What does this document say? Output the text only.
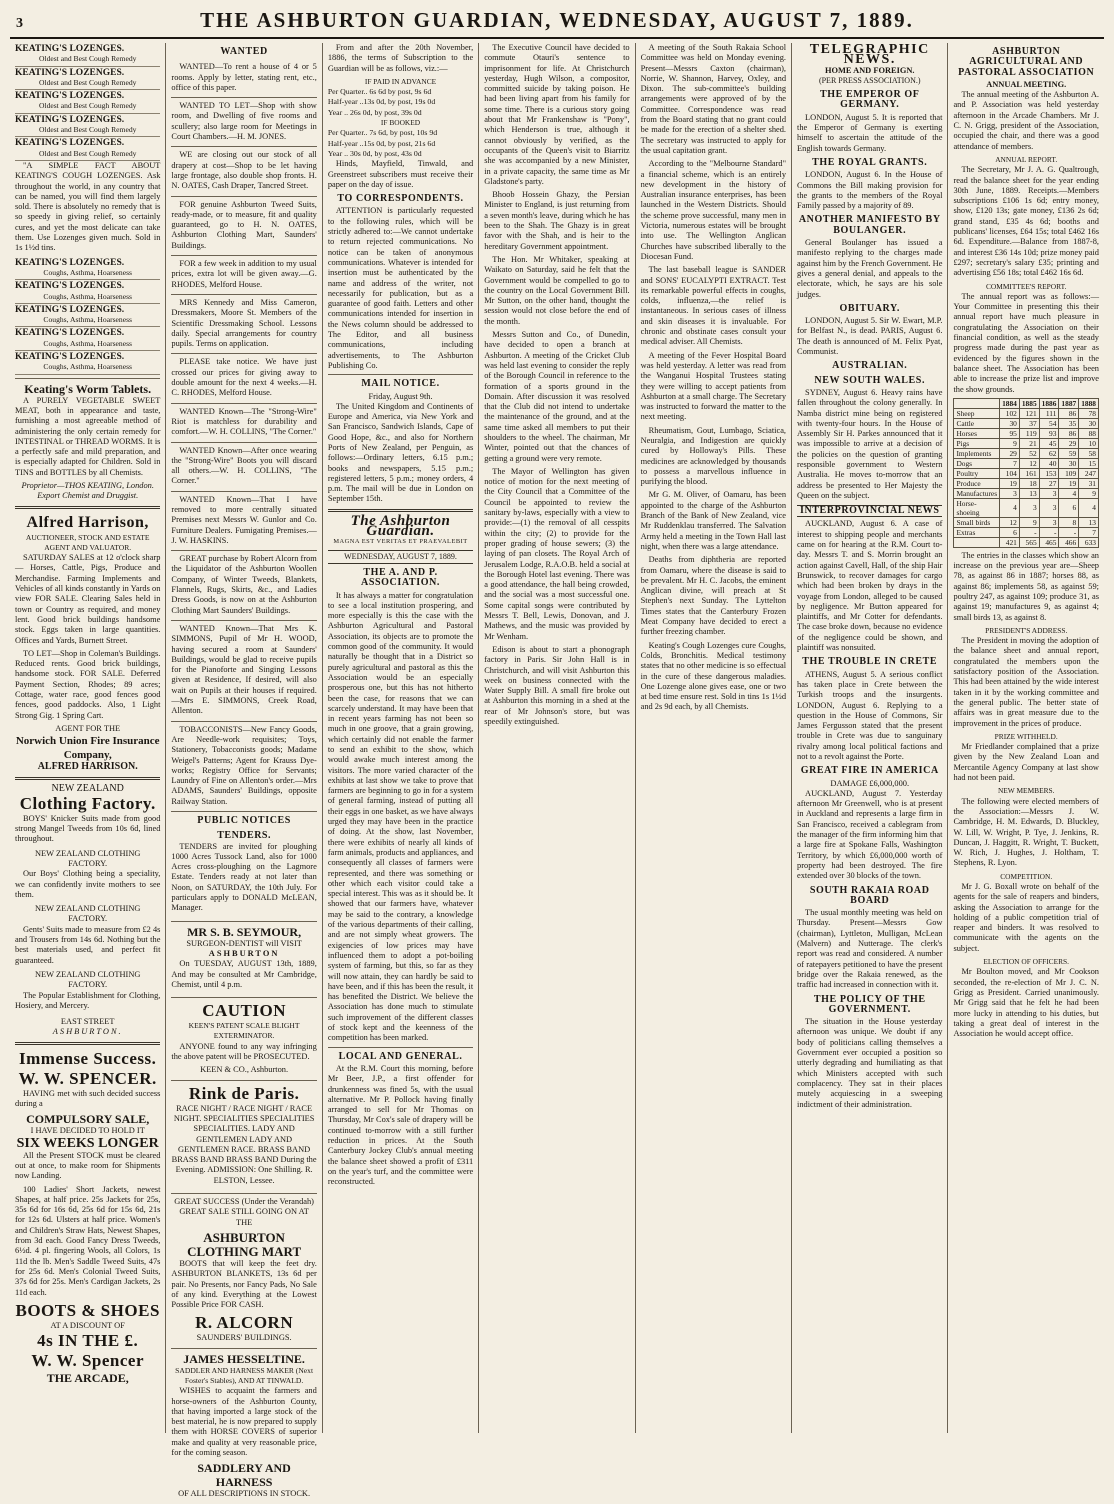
3	THE ASHBURTON GUARDIAN, WEDNESDAY, AUGUST 7, 1889.
KEATING'S LOZENGES.
Oldest and Best Cough Remedy
KEATING'S LOZENGES.
Oldest and Best Cough Remedy
KEATING'S LOZENGES.
Oldest and Best Cough Remedy
KEATING'S LOZENGES.
Oldest and Best Cough Remedy
KEATING'S LOZENGES.
Oldest and Best Cough Remedy

"A SIMPLE FACT ABOUT KEATING'S COUGH LOZENGES. Ask throughout the world, in any country that can be named, you will find them largely sold. There is absolutely no remedy that is so speedy in giving relief, so certainly cures, and yet the most delicate can take them. Use Lozenges given much. Sold in 1s 1½d tins.

KEATING'S LOZENGES.
Coughs, Asthma, Hoarseness
KEATING'S LOZENGES.
Coughs, Asthma, Hoarseness
KEATING'S LOZENGES.
Coughs, Asthma, Hoarseness
KEATING'S LOZENGES.
Coughs, Asthma, Hoarseness
KEATING'S LOZENGES.
Coughs, Asthma, Hoarseness
Keating's Worm Tablets.

A PURELY VEGETABLE SWEET MEAT, both in appearance and taste, furnishing a most agreeable method of administering the only certain remedy for INTESTINAL or THREAD WORMS. It is a perfectly safe and mild preparation, and is especially adapted for Children. Sold in TINS and BOTTLES by all Chemists.

Proprietor—THOS KEATING, London. Export Chemist and Druggist.
Alfred Harrison,
AUCTIONEER, STOCK AND ESTATE AGENT AND VALUATOR.

SATURDAY SALES at 12 o'clock sharp — Horses, Cattle, Pigs, Produce and Merchandise. Farming Implements and Vehicles of all kinds constantly in Yards on view FOR SALE. Clearing Sales held in town or Country as required, and money lent. Good brick buildings handsome stock. Eggs taken in large quantities. Offices and Yards, Burnett Street.

TO LET—Shop in Coleman's Buildings. Reduced rents. Good brick buildings, handsome stock. FOR SALE. Deferred Payment Section, Rhodes; 89 acres; Cottage, water race, good fences good fences, good paddocks. Also, 1 Light Strong Gig. 1 Spring Cart.

AGENT FOR THE
Norwich Union Fire Insurance Company,
ALFRED HARRISON.
NEW ZEALAND
Clothing Factory.

BOYS' Knicker Suits made from good strong Mangel Tweeds from 10s 6d, lined throughout.

NEW ZEALAND CLOTHING FACTORY.

Our Boys' Clothing being a speciality, we can confidently invite mothers to see them.

NEW ZEALAND CLOTHING FACTORY.

Gents' Suits made to measure from £2 4s and Trousers from 14s 6d. Nothing but the best materials used, and perfect fit guaranteed.

NEW ZEALAND CLOTHING FACTORY.

The Popular Establishment for Clothing, Hosiery, and Mercery.

EAST STREET
ASHBURTON.
Immense Success.
W. W. SPENCER.

HAVING met with such decided success during a

COMPULSORY SALE,
I HAVE DECIDED TO HOLD IT
SIX WEEKS LONGER

All the Present STOCK must be cleared out at once, to make room for Shipments now Landing.

100 Ladies' Short Jackets, newest Shapes, at half price. 25s Jackets for 25s, 35s 6d for 16s 6d, 25s 6d for 15s 6d, 21s for 12s 6d. Ulsters at half price. Women's and Children's Straw Hats, Newest Shapes, from 3d each. Good Fancy Dress Tweeds, 6½d. 4 pl. fingering Wools, all Colors, 1s 11d the lb. Men's Saddle Tweed Suits, 47s for 25s 6d. Men's Colonial Tweed Suits, 37s 6d for 25s. Men's Cardigan Jackets, 2s 11d each.

BOOTS & SHOES
AT A DISCOUNT OF
4s IN THE £.
W. W. Spencer
THE ARCADE,
WANTED

WANTED—To rent a house of 4 or 5 rooms. Apply by letter, stating rent, etc., office of this paper.

WANTED TO LET—Shop with show room, and Dwelling of five rooms and scullery; also large room for Meetings in Court Chambers.—H. M. JONES.

WE are closing out our stock of all drapery at cost—Shop to be let having large frontage, also double shop fronts. H. N. OATES, Cash Draper, Tancred Street.

FOR genuine Ashburton Tweed Suits, ready-made, or to measure, fit and quality guaranteed, go to H. N. OATES, Ashburton Clothing Mart, Saunders' Buildings.

FOR a few week in addition to my usual prices, extra lot will be given away.—G. RHODES, Melford House.

MRS Kennedy and Miss Cameron, Dressmakers, Moore St. Members of the Scientific Dressmaking School. Lessons daily. Special arrangements for country pupils. Terms on application.

PLEASE take notice. We have just crossed our prices for giving away to double amount for the next 4 weeks.—H. C. RHODES, Melford House.

WANTED Known—The "Strong-Wire" Riot is matchless for durability and comfort.—W. H. COLLINS, "The Corner."

WANTED Known—After once wearing the "Strong-Wire" Boots you will discard all others.—W. H. COLLINS, "The Corner."

WANTED Known—That I have removed to more centrally situated Premises next Messrs W. Gunlor and Co. Furniture Dealers. Fumigating Premises.—J. W. HASKINS.

GREAT purchase by Robert Alcorn from the Liquidator of the Ashburton Woollen Company, of Winter Tweeds, Blankets, Flannels, Rugs, Skirts, &c., and Ladies Dress Goods, is now on at the Ashburton Clothing Mart Saunders' Buildings.

WANTED Known—That Mrs K. SIMMONS, Pupil of Mr H. WOOD, having secured a room at Saunders' Buildings, would be glad to receive pupils for the Pianoforte and Singing Lessons given at Residence, If desired, will also wait on Pupils at their houses if required.—Mrs E. SIMMONS, Creek Road, Allenton.

TOBACCONISTS—New Fancy Goods, Are Needle-work requisites; Toys, Stationery, Tobacconists goods; Madame Weigel's Patterns; Agent for Krauss Dye-works; Registry Office for Servants; Laundry of Fine on Allenton's order.—Mrs ADAMS, Saunders' Buildings, opposite Railway Station.

PUBLIC NOTICES
TENDERS.

TENDERS are invited for ploughing 1000 Acres Tussock Land, also for 1000 Acres cross-ploughing on the Lagmore Estate. Tenders ready at not later than Noon, on SATURDAY, the 10th July. For particulars apply to DONALD McLEAN, Manager.

MR S. B. SEYMOUR,
SURGEON-DENTIST will VISIT
ASHBURTON

On TUESDAY, AUGUST 13th, 1889, And may be consulted at Mr Cambridge, Chemist, until 4 p.m.

CAUTION
KEEN'S PATENT SCALE BLIGHT EXTERMINATOR.

ANYONE found to any way infringing the above patent will be PROSECUTED.

KEEN & CO., Ashburton.
Rink de Paris.

RACE NIGHT / RACE NIGHT / RACE NIGHT. SPECIALITIES SPECIALITIES SPECIALITIES. LADY AND GENTLEMEN LADY AND GENTLEMEN RACE. BRASS BAND BRASS BAND BRASS BAND During the Evening. ADMISSION: One Shilling. R. ELSTON, Lessee.

GREAT SUCCESS (Under the Verandah) GREAT SALE STILL GOING ON AT THE

ASHBURTON CLOTHING MART

BOOTS that will keep the feet dry. ASHBURTON BLANKETS, 13s 6d per pair. No Presents, nor Fancy Pads, No Sale of any kind. Everything at the Lowest Possible Price FOR CASH.

R. ALCORN
SAUNDERS' BUILDINGS.
JAMES HESSELTINE.
SADDLER AND HARNESS MAKER (Next Foster's Stables), AND AT TINWALD.

WISHES to acquaint the farmers and horse-owners of the Ashburton County, that having imported a large stock of the best material, he is now prepared to supply them with HORSE COVERS of superior make and quality at very reasonable price, for the coming season.

SADDLERY AND HARNESS
OF ALL DESCRIPTIONS IN STOCK.

From and after the 20th November, 1886, the terms of Subscription to the Guardian will be as follows, viz.:—

IF PAID IN ADVANCE
Per Quarter.. 6s 6d by post, 9s 6d
Half-year ..13s 0d, by post, 19s 0d
Year .. 26s 0d, by post, 39s 0d
IF BOOKED
Per Quarter.. 7s 6d, by post, 10s 9d
Half-year ..15s 0d, by post, 21s 6d
Year .. 30s 0d, by post, 43s 0d

Hinds, Mayfield, Tinwald, and Greenstreet subscribers must receive their paper on the day of issue.

TO CORRESPONDENTS.

ATTENTION is particularly requested to the following rules, which will be strictly adhered to:—We cannot undertake to return rejected communications. No notice can be taken of anonymous communications. Whatever is intended for insertion must be authenticated by the name and address of the writer, not necessarily for publication, but as a guarantee of good faith. Letters and other communications intended for insertion in the News column should be addressed to The Editor, and all business communications, including advertisements, to The Ashburton Publishing Co.

MAIL NOTICE.
Friday, August 9th.

The United Kingdom and Continents of Europe and America, via New York and San Francisco, Sandwich Islands, Cape of Good Hope, &c., and also for Northern Ports of New Zealand, per Penguin, as follows:—Ordinary letters, 6.15 p.m.; books and newspapers, 5.15 p.m.; registered letters, 5 p.m.; money orders, 4 p.m. The mail will be due in London on September 15th.

The Ashburton Guardian.
MAGNA EST VERITAS ET PRAEVALEBIT
WEDNESDAY, AUGUST 7, 1889.
THE A. AND P. ASSOCIATION.

It has always a matter for congratulation to see a local institution prospering, and more especially is this the case with the Ashburton Agricultural and Pastoral Association, its objects are to promote the common good of the community. It would naturally be thought that in a District so purely agricultural and pastoral as this the Association would be an especially prosperous one, but this has not hitherto been the case, for reasons that we can scarcely understand. It may have been that in recent years farming has not been so much in one groove, that a grain growing, which certainly did not enable the farmer to send an exhibit to the show, which would awake much interest among the visitors. The more varied character of the exhibits at last show we take to prove that farmers are beginning to go in for a system of general farming, instead of putting all their eggs in one basket, as we have always urged they may have been in the practice of doing. At the show, last November, there were exhibits of nearly all kinds of farm animals, products and appliances, and consequently all classes of farmers were represented, and there was something or other which each visitor could take a special interest. This was as it should be. It showed that our farmers have, whatever may be said to the contrary, a knowledge of the various departments of their calling, and are not simply wheat growers. The exigencies of low prices may have influenced them to adopt a pot-boiling system of farming, but this, so far as they will now attain, they can hardly be said to have been, and if this has been the result, it has benefited the District. We believe the Association has done much to stimulate such improvement of the different classes of stock kept and the keenness of the competition has been marked.

LOCAL AND GENERAL.

At the R.M. Court this morning, before Mr Beer, J.P., a first offender for drunkenness was fined 5s, with the usual alternative. Mr P. Pollock having finally arranged to sell for Mr Thomas on Thursday, Mr Cox's sale of drapery will be continued to-morrow with a still further reduction in prices. At the South Canterbury Jockey Club's annual meeting the balance sheet showed a profit of £311 on the year's turf, and the committee were reconstructed.

The Executive Council have decided to commute Otauri's sentence to imprisonment for life. At Christchurch yesterday, Hugh Wilson, a compositor, committed suicide by taking poison. He had been living apart from his family for some time. There is a curious story going about that Mr Frankenshaw is "Pony", which Henderson is true, although it cannot obviously by verified, as the occupants of the Queen's visit to Biarritz she was accompanied by a new Minister, in a private capacity, the same time as Mr Gladstone's party.

Bhoob Hossein Ghazy, the Persian Minister to England, is just returning from a seven month's leave, during which he has been to the Shah. The Ghazy is in great favor with the Shah, and is heir to the hereditary Government appointment.

The Hon. Mr Whitaker, speaking at Waikato on Saturday, said he felt that the Government would be compelled to go to the country on the Local Government Bill. Mr Sutton, on the other hand, thought the session would not close before the end of the month.

Messrs Sutton and Co., of Dunedin, have decided to open a branch at Ashburton. A meeting of the Cricket Club was held last evening to consider the reply of the Borough Council in reference to the formation of a sports ground in the Domain. After discussion it was resolved that the Club did not intend to undertake the maintenance of the ground, and at the same time asked all members to put their shoulders to the wheel. The chairman, Mr Winter, pointed out that the chances of getting a ground were very remote.

The Mayor of Wellington has given notice of motion for the next meeting of the City Council that a Committee of the Council be appointed to review the sanitary by-laws, especially with a view to provide:—(1) the removal of all cesspits within the city; (2) to provide for the proper grading of house sewers; (3) the laying of pan closets. The Royal Arch of Jerusalem Lodge, R.A.O.B. held a social at the Borough Hotel last evening. There was a good attendance, the hall being crowded, and the social was a most successful one. Some capital songs were contributed by Messrs T. Bell, Lewis, Donovan, and J. Mathews, and the music was provided by Mr Wenham.

Edison is about to start a phonograph factory in Paris. Sir John Hall is in Christchurch, and will visit Ashburton this week on business connected with the Water Supply Bill. A small fire broke out at Ashburton this morning in a shed at the rear of Mr Johnson's store, but was speedily extinguished.

A meeting of the South Rakaia School Committee was held on Monday evening. Present—Messrs Caxton (chairman), Norrie, W. Shannon, Harvey, Oxley, and Dixon. The sub-committee's building arrangements were approved of by the Committee. Correspondence was read from the Board stating that no grant could be made for the erection of a shelter shed. The secretary was instructed to apply for the usual capitation grant.

According to the "Melbourne Standard" a financial scheme, which is an entirely new development in the history of Australian insurance enterprises, has been launched in the Western Districts. Should the scheme prove successful, many men in Victoria, numerous estates will be brought into use. The Wellington Anglican Churches have subscribed liberally to the Diocesan Fund.

The last baseball league is SANDER and SONS' EUCALYPTI EXTRACT. Test its remarkable powerful effects in coughs, colds, influenza,—the relief is instantaneous. In serious cases of illness and skin diseases it is invaluable. For chronic and obstinate cases consult your medical adviser. All Chemists.

A meeting of the Fever Hospital Board was held yesterday. A letter was read from the Wanganui Hospital Trustees stating they were willing to accept patients from Ashburton at a small charge. The Secretary was instructed to forward the matter to the next meeting.

Rheumatism, Gout, Lumbago, Sciatica, Neuralgia, and Indigestion are quickly cured by Holloway's Pills. These medicines are acknowledged by thousands to possess a marvellous influence in purifying the blood.

Mr G. M. Oliver, of Oamaru, has been appointed to the charge of the Ashburton Branch of the Bank of New Zealand, vice Mr Ruddenklau transferred. The Salvation Army held a meeting in the Town Hall last night, when there was a large attendance.

Deaths from diphtheria are reported from Oamaru, where the disease is said to be prevalent. Mr H. C. Jacobs, the eminent Anglican divine, will preach at St Stephen's next Sunday. The Lyttelton Times states that the Canterbury Frozen Meat Company have decided to erect a further freezing chamber.

Keating's Cough Lozenges cure Coughs, Colds, Bronchitis. Medical testimony states that no other medicine is so effectual in the cure of these dangerous maladies. One Lozenge alone gives ease, one or two at bed time ensure rest. Sold in tins 1s 1½d and 2s 9d each, by all Chemists.

TELEGRAPHIC NEWS.
HOME AND FOREIGN.
(PER PRESS ASSOCIATION.)
THE EMPEROR OF GERMANY.

LONDON, August 5. It is reported that the Emperor of Germany is exerting himself to ascertain the attitude of the English towards Germany.

THE ROYAL GRANTS.

LONDON, August 6. In the House of Commons the Bill making provision for the grants to the members of the Royal Family passed by a majority of 89.

ANOTHER MANIFESTO BY BOULANGER.

General Boulanger has issued a manifesto replying to the charges made against him by the French Government. He gives a general denial, and appeals to the electorate, which, he says are his sole judges.

OBITUARY.

LONDON, August 5. Sir W. Ewart, M.P. for Belfast N., is dead. PARIS, August 6. The death is announced of M. Felix Pyat, Communist.

AUSTRALIAN.
NEW SOUTH WALES.

SYDNEY, August 6. Heavy rains have fallen throughout the colony generally. In Namba district mine being on registered with twenty-four hours. In the House of Assembly Sir H. Parkes announced that it was impossible to arrive at a decision of the policies on the question of granting responsible government to Western Australia. He moves to-morrow that an address be presented to Her Majesty the Queen on the subject.

INTERPROVINCIAL NEWS

AUCKLAND, August 6. A case of interest to shipping people and merchants came on for hearing at the R.M. Court to-day. Messrs T. and S. Morrin brought an action against Cavell, Hall, of the ship Hair Brunswick, to recover damages for cargo which had been broken by drays in the voyage from London, alleged to be caused by negligence. Mr Button appeared for plaintiffs, and Mr Cotter for defendants. The case broke down, because no evidence of the negligence could be shown, and plaintiff was nonsuited.

THE TROUBLE IN CRETE

ATHENS, August 5. A serious conflict has taken place in Crete between the Turkish troops and the insurgents. LONDON, August 6. Replying to a question in the House of Commons, Sir James Fergusson stated that the present trouble in Crete was due to sanguinary rivalry among local political factions and not to a revolt against the Porte.

GREAT FIRE IN AMERICA
DAMAGE £6,000,000.

AUCKLAND, August 7. Yesterday afternoon Mr Greenwell, who is at present in Auckland and represents a large firm in San Francisco, received a cablegram from the manager of the firm informing him that a large fire at Spokane Falls, Washington Territory, by which £6,000,000 worth of property had been destroyed. The fire extended over 30 blocks of the town.

SOUTH RAKAIA ROAD BOARD

The usual monthly meeting was held on Thursday. Present—Messrs Gow (chairman), Lyttleton, Mulligan, McLean (Malvern) and Nutterage. The clerk's report was read and considered. A number of ratepayers petitioned to have the present bridge over the Rakaia renewed, as the traffic had increased in connection with it.

THE POLICY OF THE GOVERNMENT.

The situation in the House yesterday afternoon was unique. We doubt if any body of politicians calling themselves a Government ever occupied a position so utterly degrading and humiliating as that which Ministers accepted with such complacency. They sat in their places mutely acquiescing in a sweeping indictment of their administration.

ASHBURTON AGRICULTURAL AND PASTORAL ASSOCIATION
ANNUAL MEETING.

The annual meeting of the Ashburton A. and P. Association was held yesterday afternoon in the Arcade Chambers. Mr J. C. N. Grigg, president of the Association, occupied the chair, and there was a good attendance of members.

ANNUAL REPORT.

The Secretary, Mr J. A. G. Qualtrough, read the balance sheet for the year ending 30th June, 1889. Receipts.—Members subscriptions £106 1s 6d; entry money, show, £120 13s; gate money, £136 2s 6d; grand stand, £35 4s 6d; booths and publicans' licenses, £64 15s; total £462 16s 6d. Expenditure.—Balance from 1887-8, and interest £36 14s 10d; prize money paid £297; secretary's salary £35; printing and advertising £56 18s; total £462 16s 6d.

COMMITTEE'S REPORT.

The annual report was as follows:—Your Committee in presenting this their annual report have much pleasure in congratulating the Association on their financial condition, as well as the steady progress made during the past year as evidenced by the figures shown in the balance sheet. The Association has been able to increase the prize list and improve the show grounds.

	1884	1885	1886	1887	1888
Sheep	102	121	111	86	78
Cattle	30	37	54	35	30
Horses	95	119	93	86	88
Pigs	9	21	45	29	10
Implements	29	52	62	59	58
Dogs	7	12	40	30	15
Poultry	104	161	153	109	247
Produce	19	18	27	19	31
Manufactures	3	13	3	4	9
Horse-shoeing	4	3	3	6	4
Small birds	12	9	3	8	13
Extras	6	-	-	-	7
	421	565	465	466	633

The entries in the classes which show an increase on the previous year are—Sheep 78, as against 86 in 1887; horses 88, as against 86; implements 58, as against 59; poultry 247, as against 109; produce 31, as against 19; manufactures 9, as against 4; small birds 13, as against 8.

PRESIDENT'S ADDRESS.

The President in moving the adoption of the balance sheet and annual report, congratulated the members upon the satisfactory position of the Association. This had been attained by the wide interest taken in it by the working committee and the general public. The better state of affairs was in great measure due to the improvement in the prices of produce.

PRIZE WITHHELD.

Mr Friedlander complained that a prize given by the New Zealand Loan and Mercantile Agency Company at last show had not been paid.

NEW MEMBERS.

The following were elected members of the Association:—Messrs J. W. Cambridge, H. M. Edwards, D. Bluckley, W. Lill, W. Wright, P. Tye, J. Jenkins, R. Duncan, J. Haggitt, R. Wright, T. Buckett, W. Rich, J. Hughes, J. Holtham, T. Stephens, R. Lyon.

COMPETITION.

Mr J. G. Boxall wrote on behalf of the agents for the sale of reapers and binders, asking the Association to arrange for the holding of a public competition trial of reaper and binders. It was resolved to communicate with the agents on the subject.

ELECTION OF OFFICERS.

Mr Boulton moved, and Mr Cookson seconded, the re-election of Mr J. C. N. Grigg as President. Carried unanimously. Mr Grigg said that he felt he had been more lucky in attending to his duties, but taking a great deal of interest in the Association he would accept office.
